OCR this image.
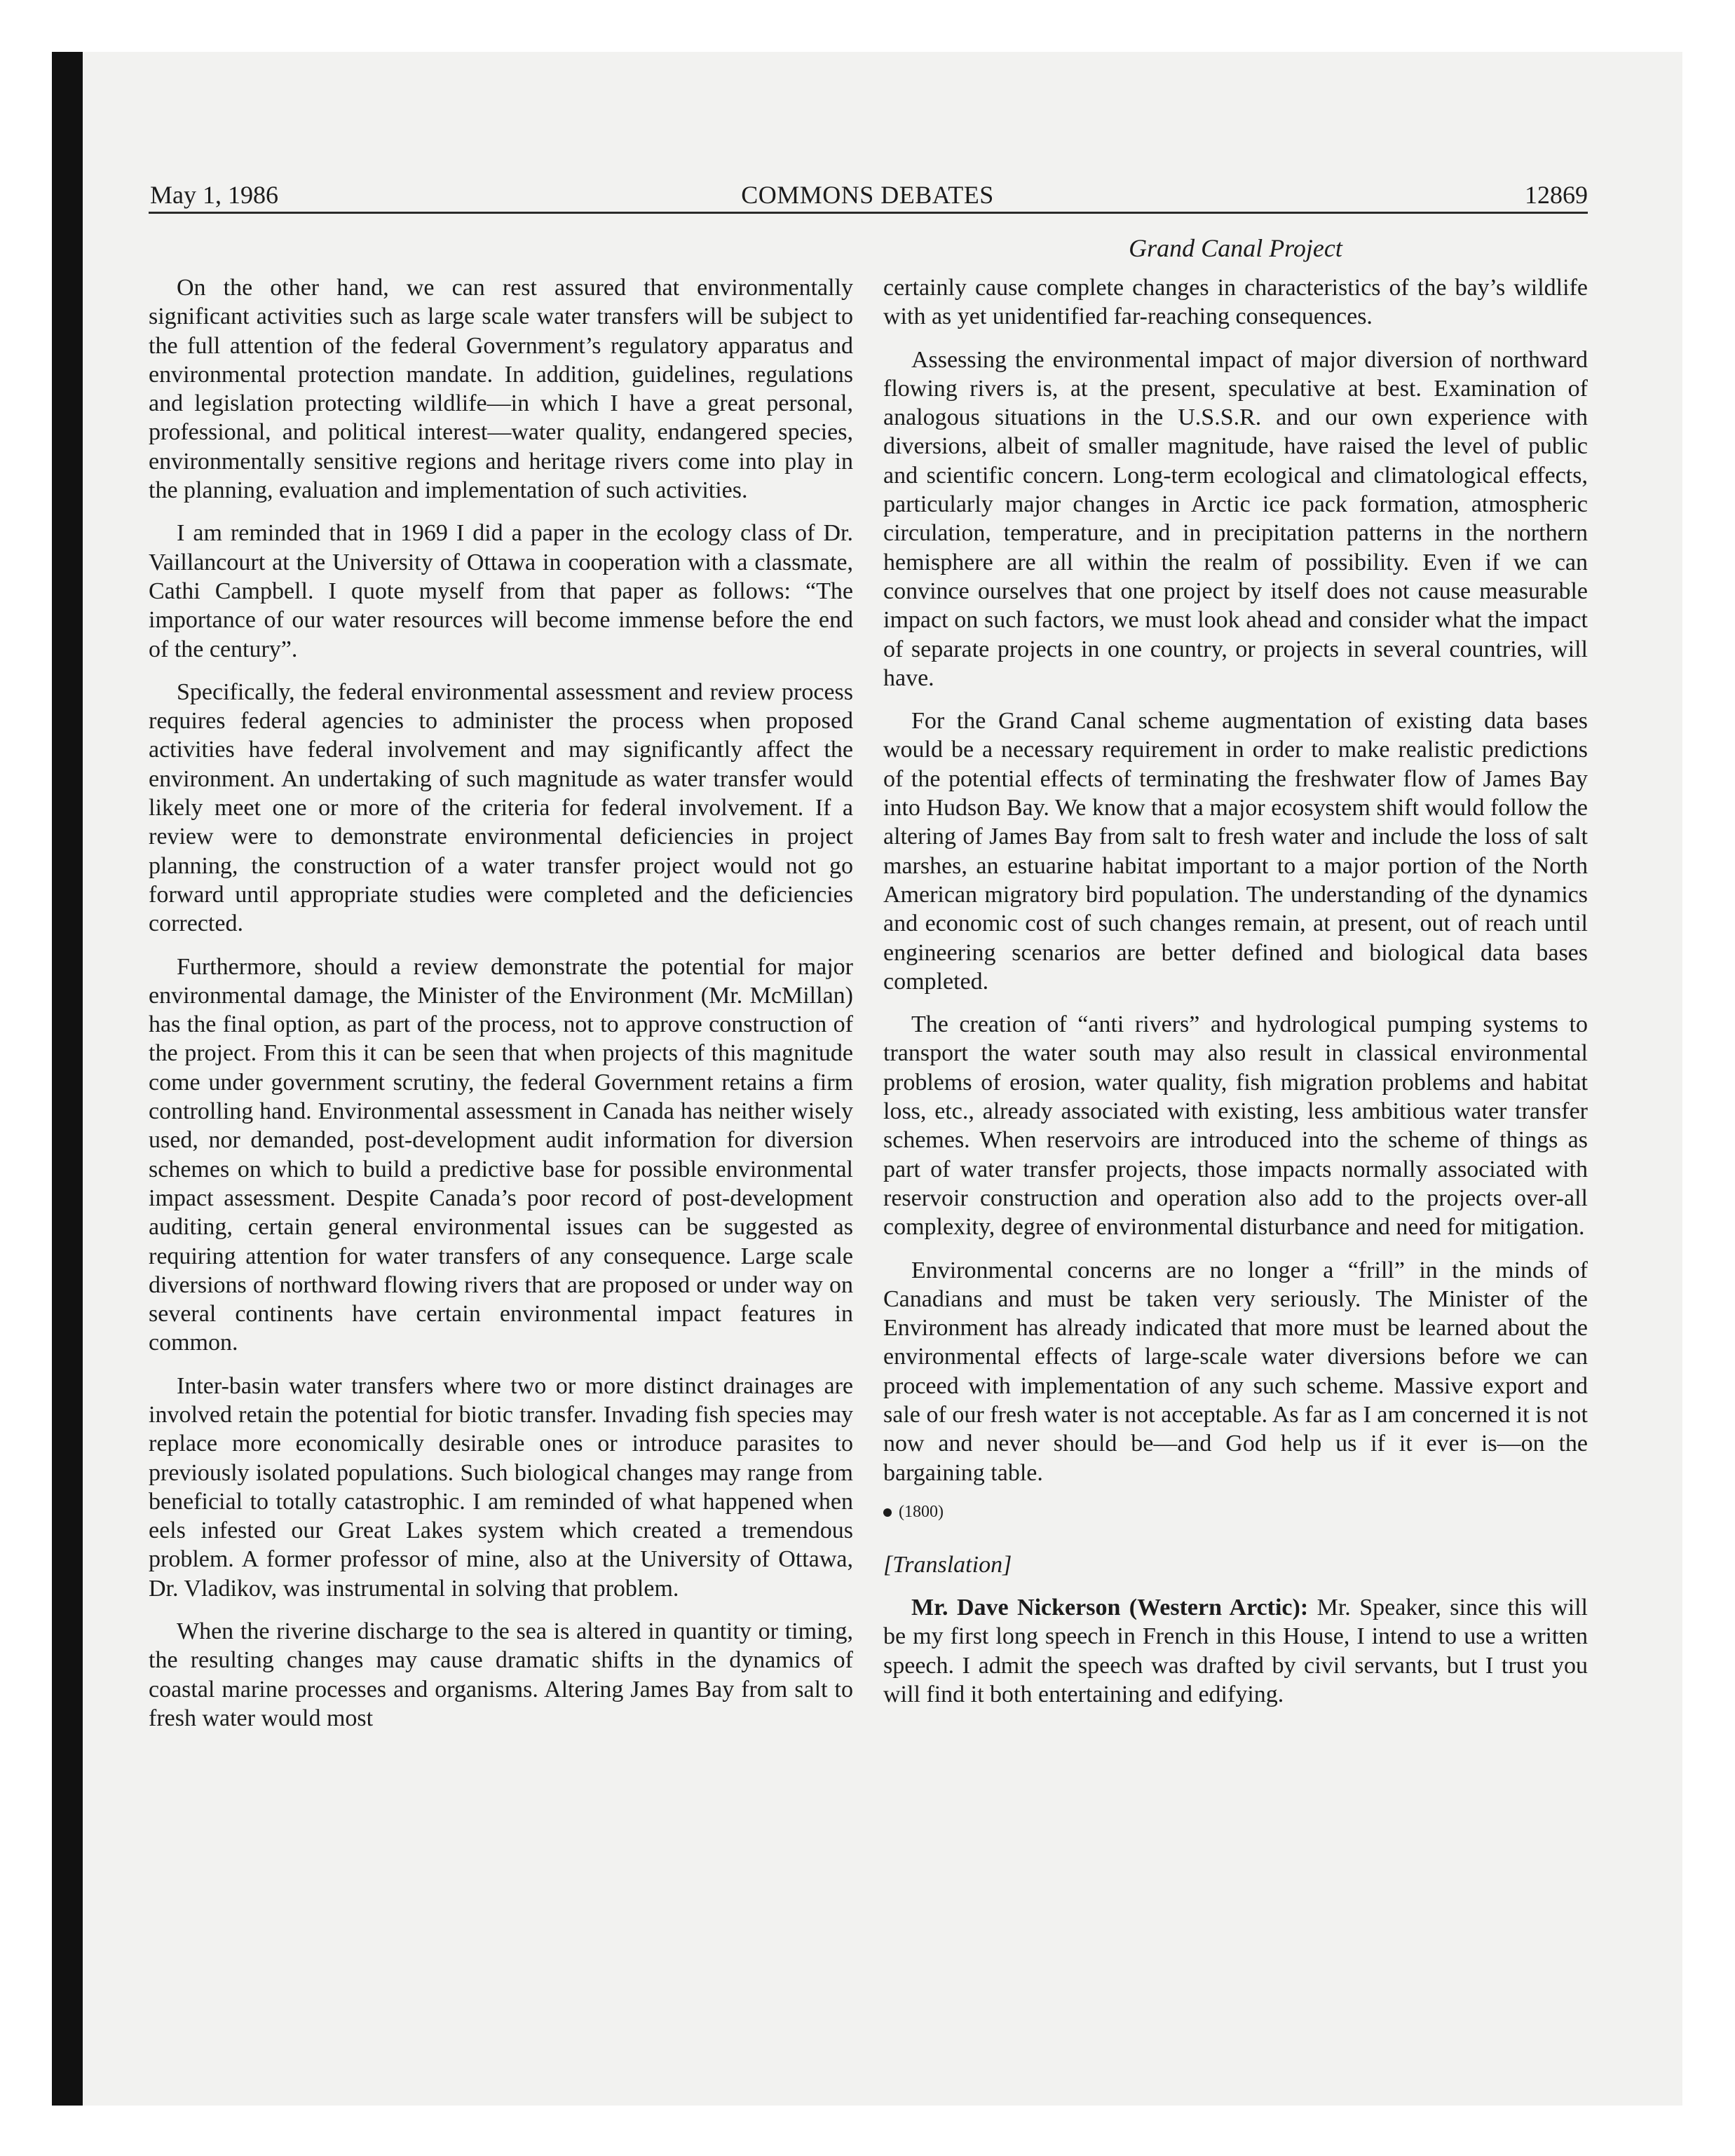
May 1, 1986	COMMONS DEBATES	12869
Grand Canal Project

On the other hand, we can rest assured that environmentally significant activities such as large scale water transfers will be subject to the full attention of the federal Government’s regulatory apparatus and environmental protection mandate. In addition, guidelines, regulations and legislation protecting wildlife—in which I have a great personal, professional, and political interest—water quality, endangered species, environmentally sensitive regions and heritage rivers come into play in the planning, evaluation and implementation of such activities.

I am reminded that in 1969 I did a paper in the ecology class of Dr. Vaillancourt at the University of Ottawa in cooperation with a classmate, Cathi Campbell. I quote myself from that paper as follows: “The importance of our water resources will become immense before the end of the century”.

Specifically, the federal environmental assessment and review process requires federal agencies to administer the process when proposed activities have federal involvement and may significantly affect the environment. An undertaking of such magnitude as water transfer would likely meet one or more of the criteria for federal involvement. If a review were to demonstrate environmental deficiencies in project planning, the construction of a water transfer project would not go forward until appropriate studies were completed and the deficiencies corrected.

Furthermore, should a review demonstrate the potential for major environmental damage, the Minister of the Environment (Mr. McMillan) has the final option, as part of the process, not to approve construction of the project. From this it can be seen that when projects of this magnitude come under government scrutiny, the federal Government retains a firm controlling hand. Environmental assessment in Canada has neither wisely used, nor demanded, post-development audit information for diversion schemes on which to build a predictive base for possible environmental impact assessment. Despite Canada’s poor record of post-development auditing, certain general environmental issues can be suggested as requiring attention for water transfers of any consequence. Large scale diversions of northward flowing rivers that are proposed or under way on several continents have certain environmental impact features in common.

Inter-basin water transfers where two or more distinct drainages are involved retain the potential for biotic transfer. Invading fish species may replace more economically desirable ones or introduce parasites to previously isolated populations. Such biological changes may range from beneficial to totally catastrophic. I am reminded of what happened when eels infested our Great Lakes system which created a tremendous problem. A former professor of mine, also at the University of Ottawa, Dr. Vladikov, was instrumental in solving that problem.

When the riverine discharge to the sea is altered in quantity or timing, the resulting changes may cause dramatic shifts in the dynamics of coastal marine processes and organisms. Altering James Bay from salt to fresh water would most

certainly cause complete changes in characteristics of the bay’s wildlife with as yet unidentified far-reaching consequences.

Assessing the environmental impact of major diversion of northward flowing rivers is, at the present, speculative at best. Examination of analogous situations in the U.S.S.R. and our own experience with diversions, albeit of smaller magnitude, have raised the level of public and scientific concern. Long-term ecological and climatological effects, particularly major changes in Arctic ice pack formation, atmospheric circulation, temperature, and in precipitation patterns in the northern hemisphere are all within the realm of possibility. Even if we can convince ourselves that one project by itself does not cause measurable impact on such factors, we must look ahead and consider what the impact of separate projects in one country, or projects in several countries, will have.

For the Grand Canal scheme augmentation of existing data bases would be a necessary requirement in order to make realistic predictions of the potential effects of terminating the freshwater flow of James Bay into Hudson Bay. We know that a major ecosystem shift would follow the altering of James Bay from salt to fresh water and include the loss of salt marshes, an estuarine habitat important to a major portion of the North American migratory bird population. The understanding of the dynamics and economic cost of such changes remain, at present, out of reach until engineering scenarios are better defined and biological data bases completed.

The creation of “anti rivers” and hydrological pumping systems to transport the water south may also result in classical environmental problems of erosion, water quality, fish migration problems and habitat loss, etc., already associated with existing, less ambitious water transfer schemes. When reservoirs are introduced into the scheme of things as part of water transfer projects, those impacts normally associated with reservoir construction and operation also add to the projects over-all complexity, degree of environmental disturbance and need for mitigation.

Environmental concerns are no longer a “frill” in the minds of Canadians and must be taken very seriously. The Minister of the Environment has already indicated that more must be learned about the environmental effects of large-scale water diversions before we can proceed with implementation of any such scheme. Massive export and sale of our fresh water is not acceptable. As far as I am concerned it is not now and never should be—and God help us if it ever is—on the bargaining table.

(1800)
[Translation]

Mr. Dave Nickerson (Western Arctic): Mr. Speaker, since this will be my first long speech in French in this House, I intend to use a written speech. I admit the speech was drafted by civil servants, but I trust you will find it both entertaining and edifying.
